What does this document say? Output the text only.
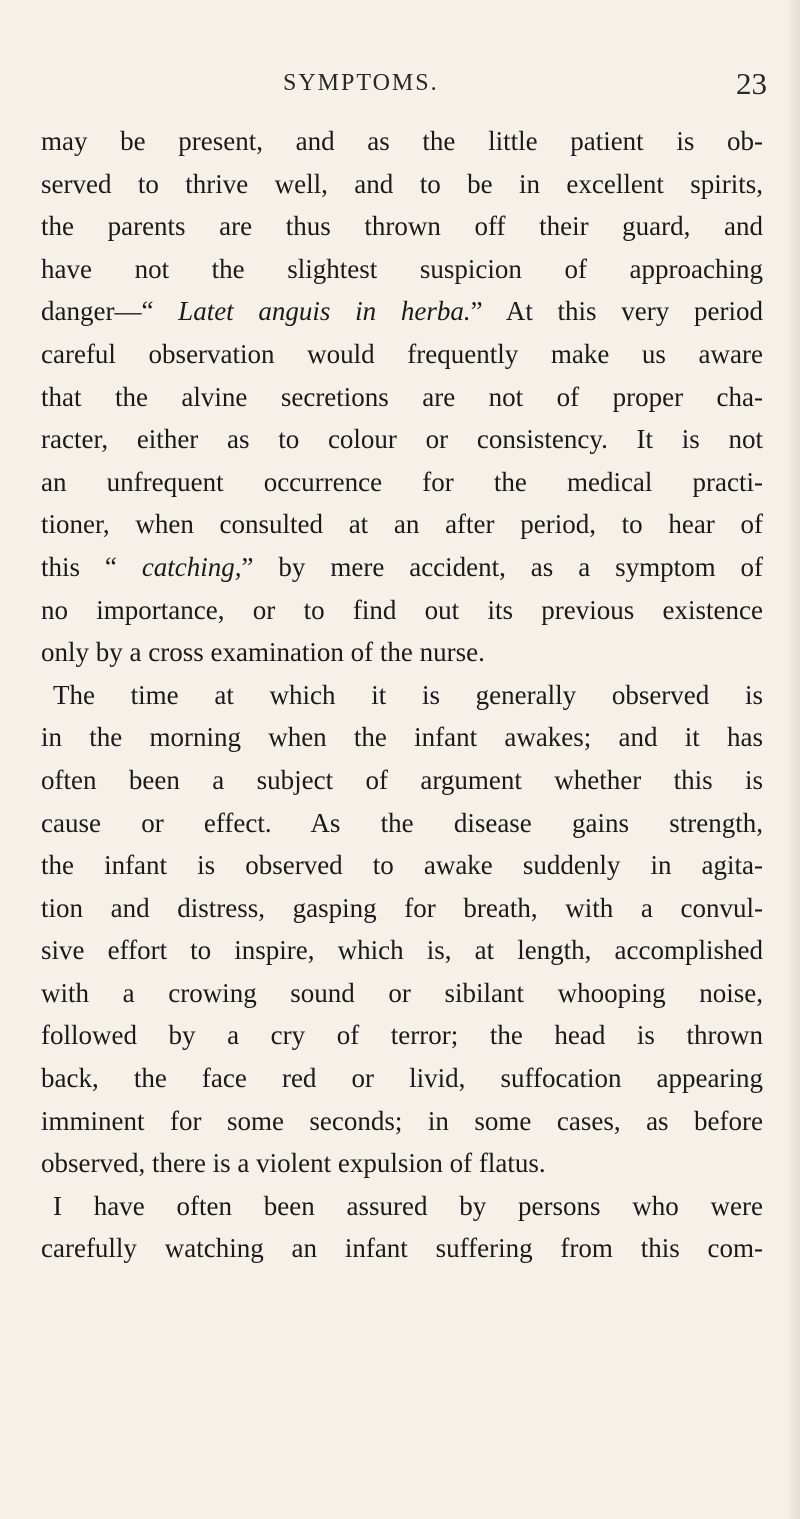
SYMPTOMS.	23
may be present, and as the little patient is ob-
served to thrive well, and to be in excellent spirits,
the parents are thus thrown off their guard, and
have not the slightest suspicion of approaching
danger—“ Latet anguis in herba.” At this very period
careful observation would frequently make us aware
that the alvine secretions are not of proper cha-
racter, either as to colour or consistency. It is not
an unfrequent occurrence for the medical practi-
tioner, when consulted at an after period, to hear of
this “ catching,” by mere accident, as a symptom of
no importance, or to find out its previous existence
only by a cross examination of the nurse.
The time at which it is generally observed is
in the morning when the infant awakes; and it has
often been a subject of argument whether this is
cause or effect. As the disease gains strength,
the infant is observed to awake suddenly in agita-
tion and distress, gasping for breath, with a convul-
sive effort to inspire, which is, at length, accomplished
with a crowing sound or sibilant whooping noise,
followed by a cry of terror; the head is thrown
back, the face red or livid, suffocation appearing
imminent for some seconds; in some cases, as before
observed, there is a violent expulsion of flatus.
I have often been assured by persons who were
carefully watching an infant suffering from this com-
